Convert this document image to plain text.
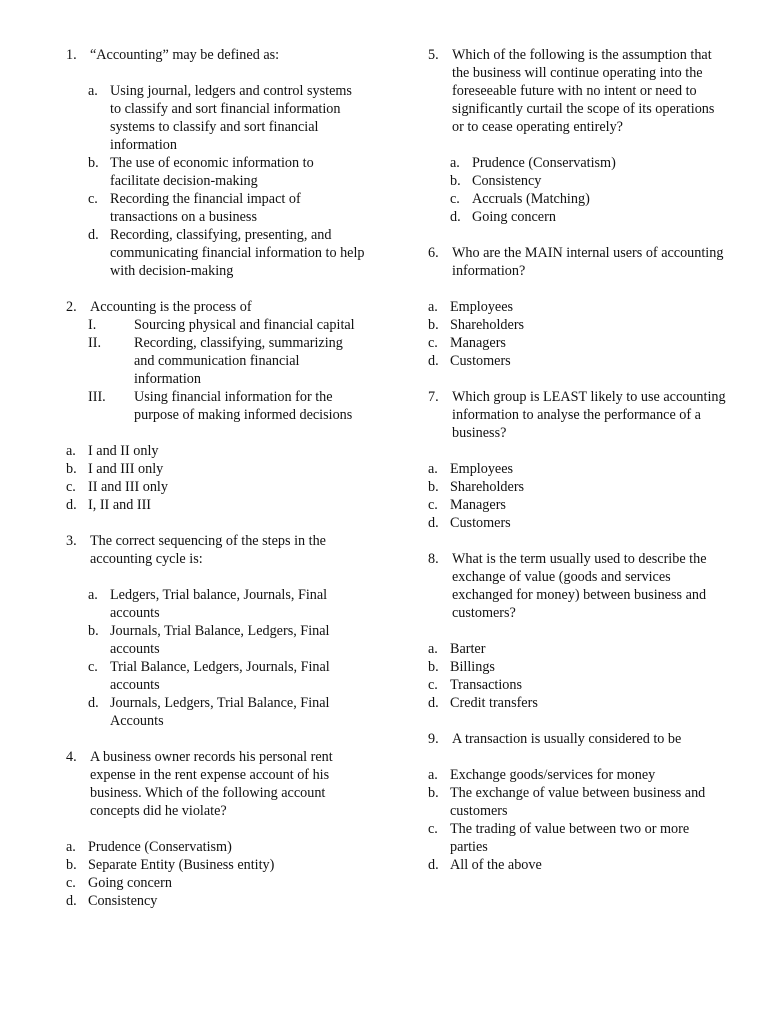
1. “Accounting” may be defined as:
a. Using journal, ledgers and control systems to classify and sort financial information systems to classify and sort financial information
b. The use of economic information to facilitate decision-making
c. Recording the financial impact of transactions on a business
d. Recording, classifying, presenting, and communicating financial information to help with decision-making
2. Accounting is the process of
I.	Sourcing physical and financial capital
II.	Recording, classifying, summarizing and communication financial information
III.	Using financial information for the purpose of making informed decisions
a. I and II only
b. I and III only
c. II and III only
d. I, II and III
3. The correct sequencing of the steps in the accounting cycle is:
a. Ledgers, Trial balance, Journals, Final accounts
b. Journals, Trial Balance, Ledgers, Final accounts
c. Trial Balance, Ledgers, Journals, Final accounts
d. Journals, Ledgers, Trial Balance, Final Accounts
4. A business owner records his personal rent expense in the rent expense account of his business. Which of the following account concepts did he violate?
a. Prudence (Conservatism)
b. Separate Entity (Business entity)
c. Going concern
d. Consistency
5. Which of the following is the assumption that the business will continue operating into the foreseeable future with no intent or need to significantly curtail the scope of its operations or to cease operating entirely?
a. Prudence (Conservatism)
b. Consistency
c. Accruals (Matching)
d. Going concern
6. Who are the MAIN internal users of accounting information?
a. Employees
b. Shareholders
c. Managers
d. Customers
7. Which group is LEAST likely to use accounting information to analyse the performance of a business?
a. Employees
b. Shareholders
c. Managers
d. Customers
8. What is the term usually used to describe the exchange of value (goods and services exchanged for money) between business and customers?
a. Barter
b. Billings
c. Transactions
d. Credit transfers
9. A transaction is usually considered to be
a. Exchange goods/services for money
b. The exchange of value between business and customers
c. The trading of value between two or more parties
d. All of the above
